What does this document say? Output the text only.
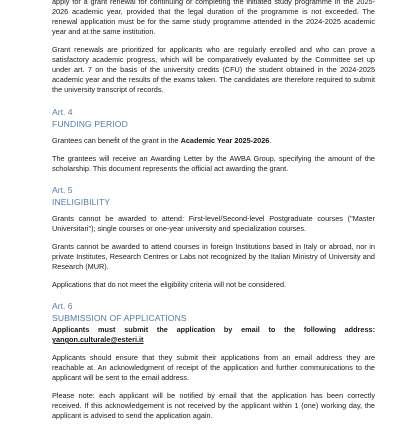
apply for a grant renewal for continuing or completing the initiated study programme in the 2025-2026 academic year, provided that the legal duration of the programme is not exceeded. The renewal application must be for the same study programme attended in the 2024-2025 academic year and at the same institution.

Grant renewals are prioritized for applicants who are regularly enrolled and who can prove a satisfactory academic progress, which will be comparatively evaluated by the Committee set up under art. 7 on the basis of the university credits (CFU) the student obtained in the 2024-2025 academic year and the results of the exams taken. The candidates are therefore required to submit the university transcript of records.

Art. 4
FUNDING PERIOD

Grantees can benefit of the grant in the Academic Year 2025-2026.

The grantees will receive an Awarding Letter by the AWBA Group, specifying the amount of the scholarship. This document represents the official act awarding the grant.

Art. 5
INELIGIBILITY

Grants cannot be awarded to attend: First-level/Second-level Postgraduate courses ("Master Universitari"); single courses or one-year university and specialization courses.

Grants cannot be awarded to attend courses in foreign Institutions based in Italy or abroad, nor in private Institutes, Research Centres or Labs not recognized by the Italian Ministry of University and Research (MUR).

Applications that do not meet the eligibility criteria will not be considered.

Art. 6
SUBMISSION OF APPLICATIONS

Applicants must submit the application by email to the following address:

yangon.culturale@esteri.it

Applicants should ensure that they submit their applications from an email address they are reachable at. An acknowledgment of receipt of the application and further communications to the applicant will be sent to the email address.

Please note: each applicant will be notified by email that the application has been correctly received. If this acknowledgement is not received by the applicant within 1 (one) working day, the applicant is advised to send the application again.
